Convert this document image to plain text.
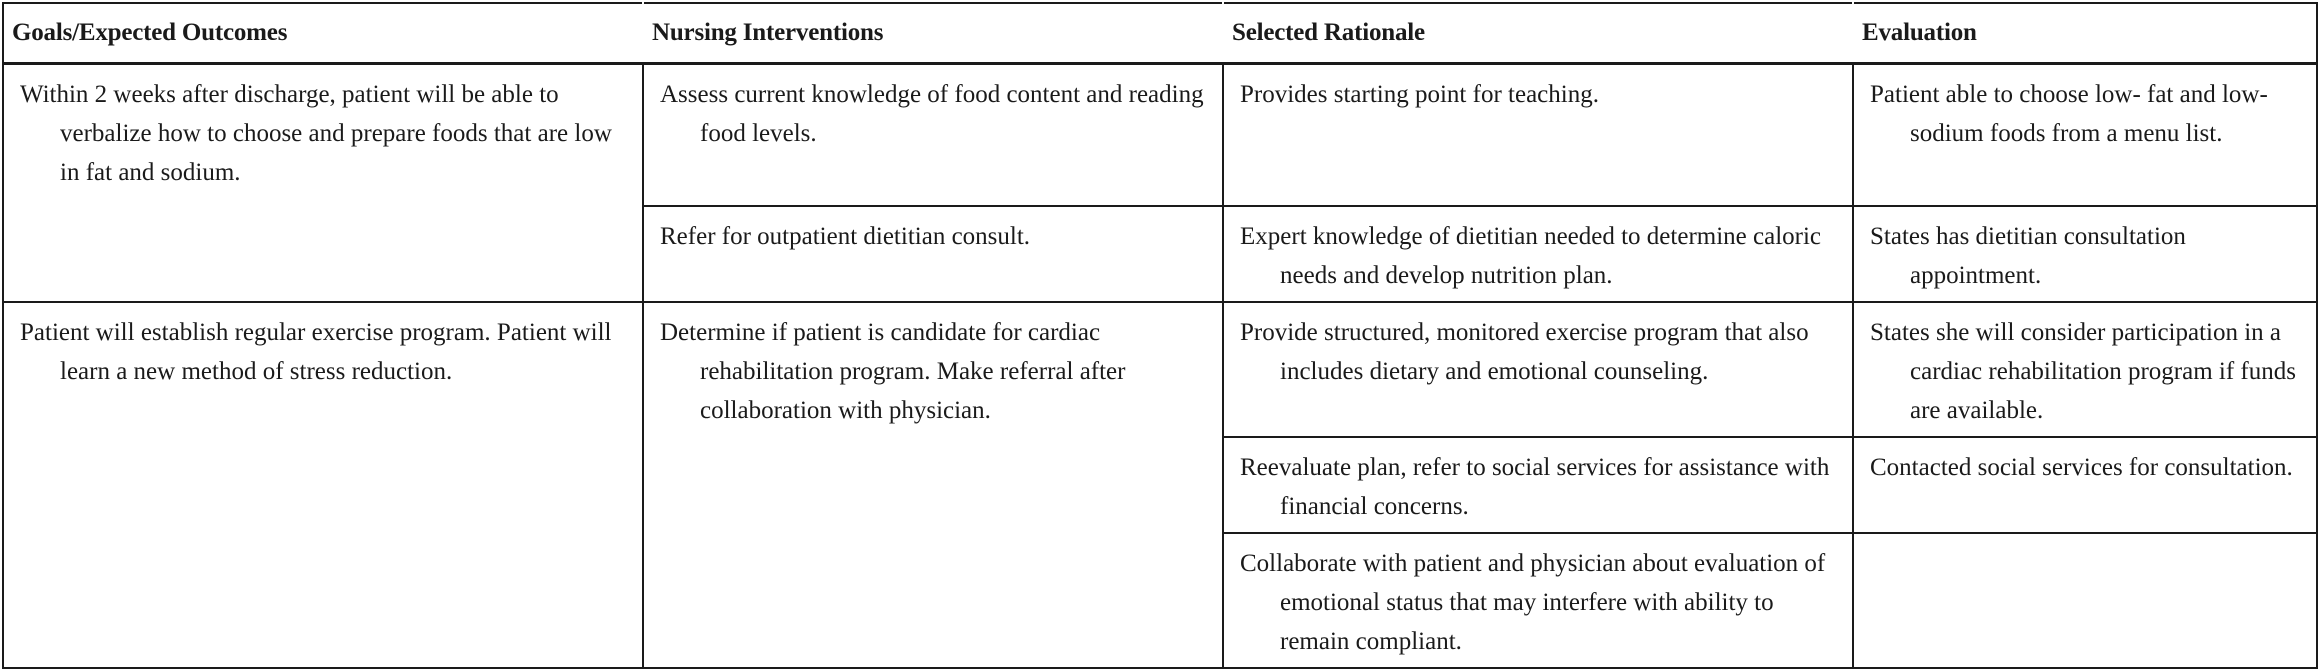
Goals/Expected Outcomes	Nursing Interventions	Selected Rationale	Evaluation

Within 2 weeks after discharge, patient will be able to verbalize how to choose and prepare foods that are low in fat and sodium.	Assess current knowledge of food content and reading food levels.	Provides starting point for teaching.	Patient able to choose low- fat and low-sodium foods from a menu list.

	Refer for outpatient dietitian consult.	Expert knowledge of dietitian needed to determine caloric needs and develop nutrition plan.	States has dietitian consultation appointment.

Patient will establish regular exercise program. Patient will learn a new method of stress reduction.	Determine if patient is candidate for cardiac rehabilitation program. Make referral after collaboration with physician.	Provide structured, monitored exercise program that also includes dietary and emotional counseling.	States she will consider participation in a cardiac rehabilitation program if funds are available.

		Reevaluate plan, refer to social services for assistance with financial concerns.	Contacted social services for consultation.

		Collaborate with patient and physician about evaluation of emotional status that may interfere with ability to remain compliant.	
